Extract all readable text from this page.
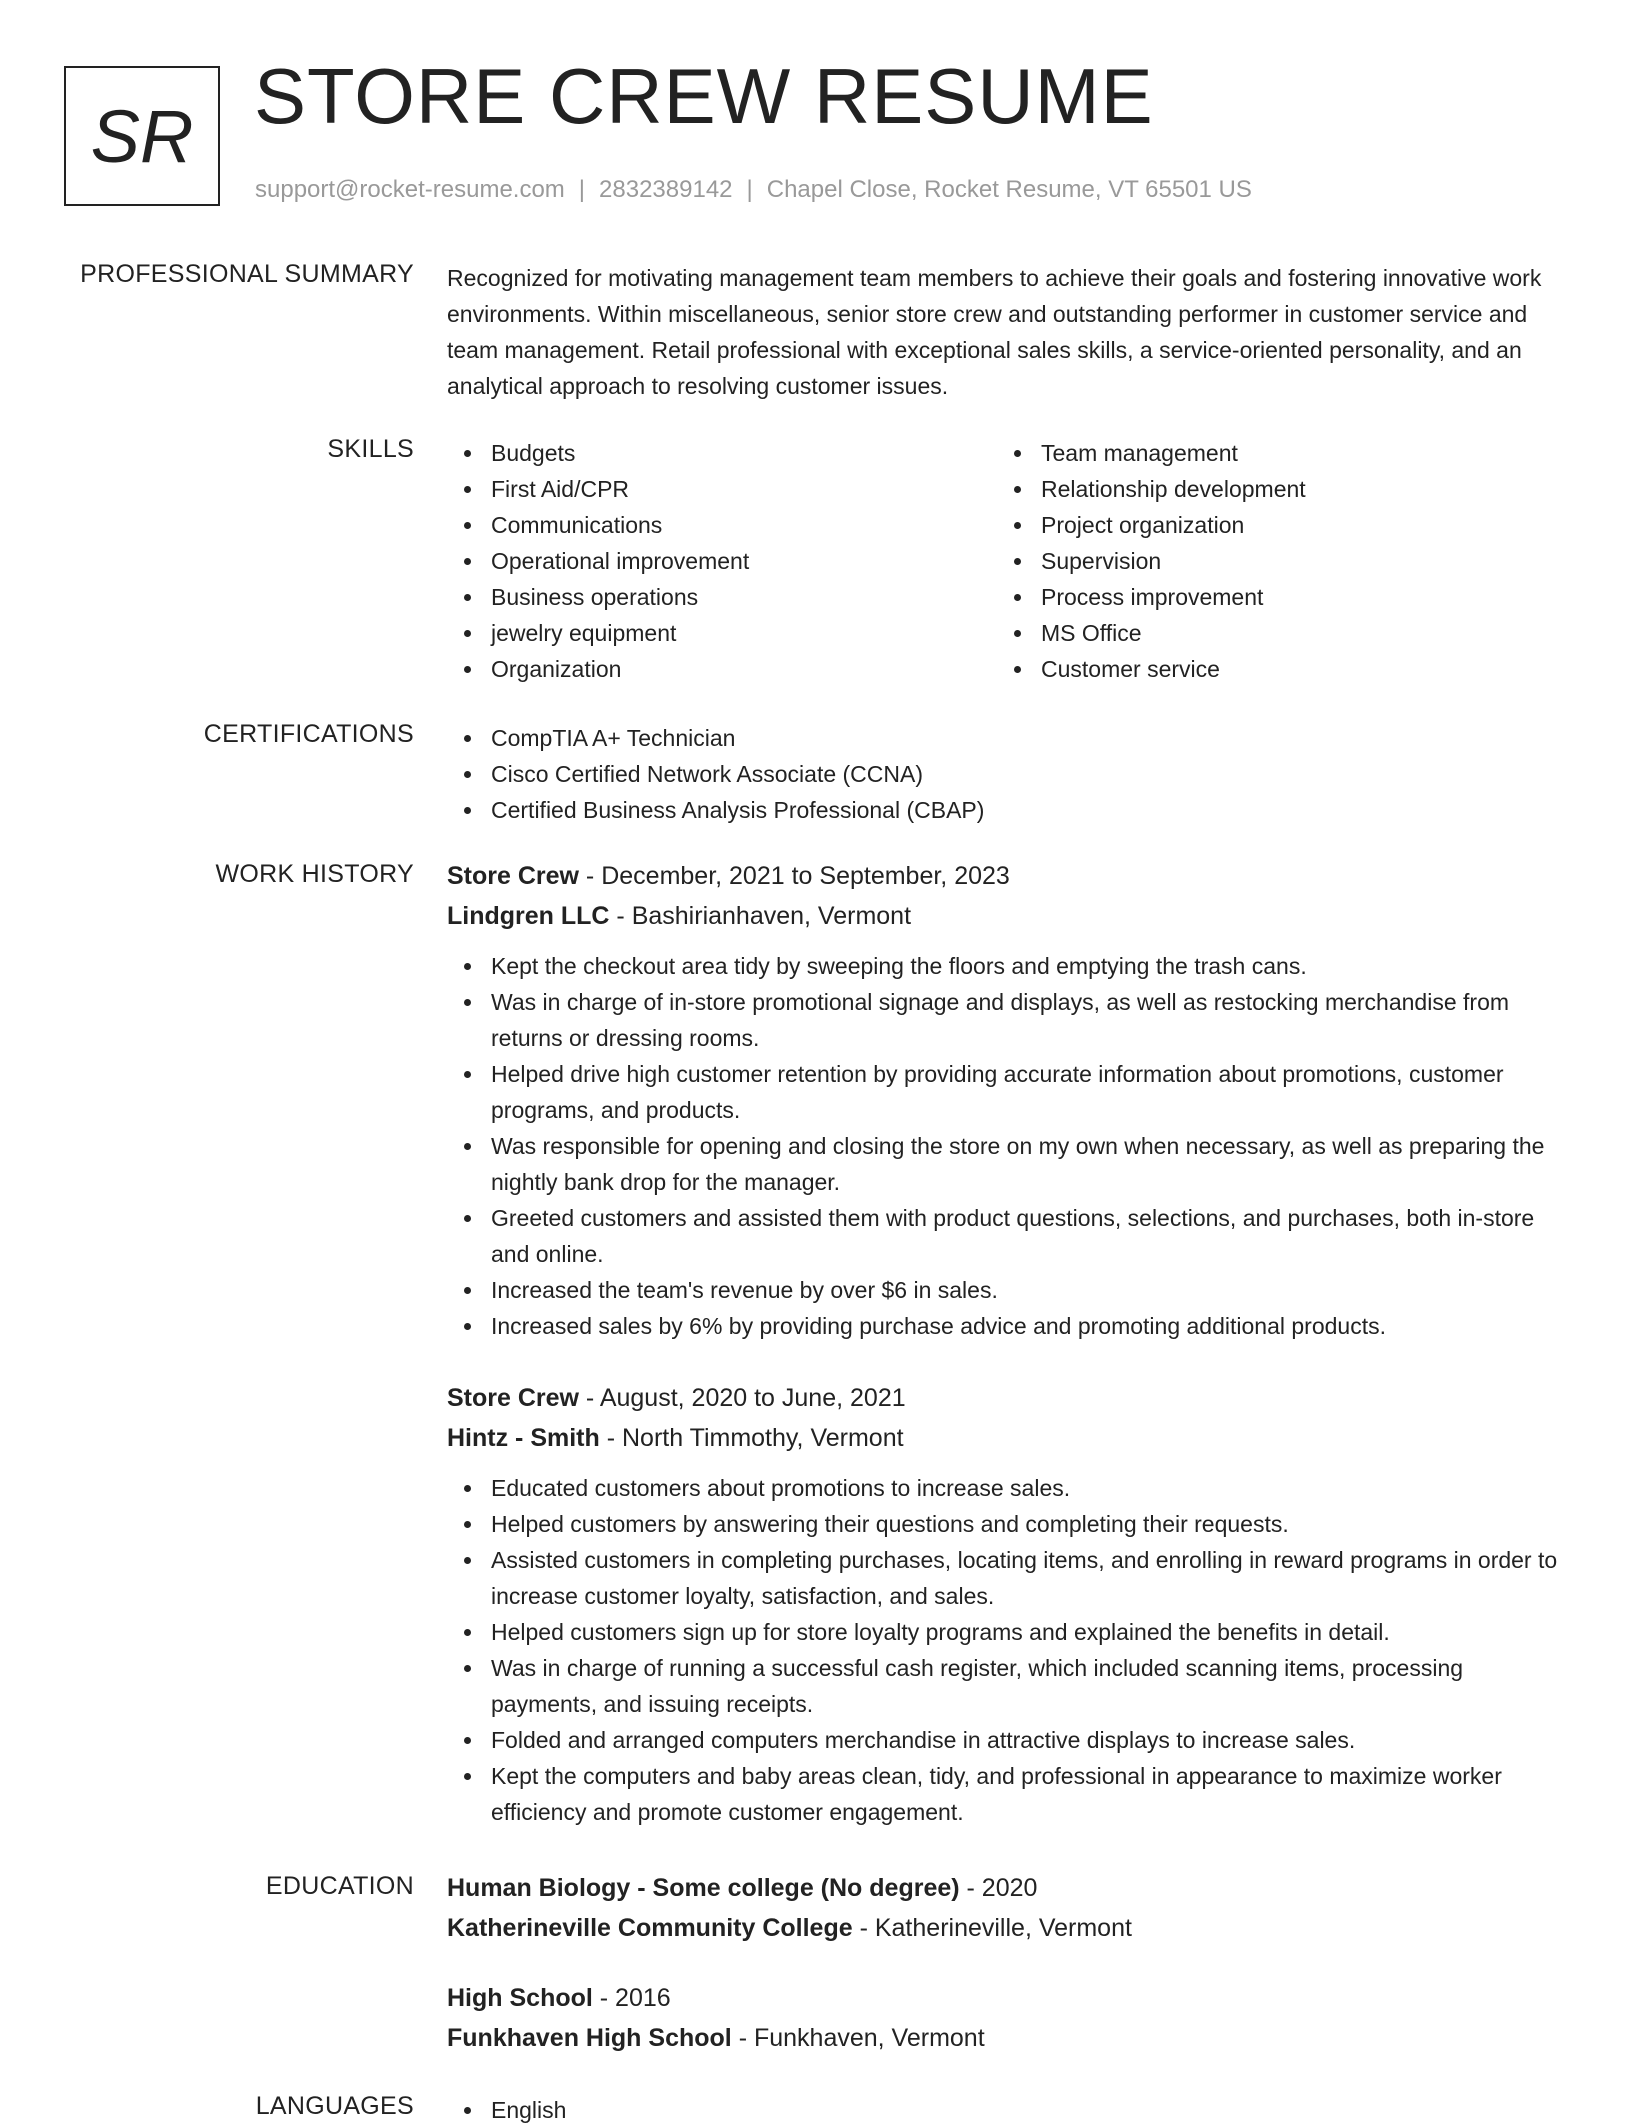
SR STORE CREW RESUME
support@rocket-resume.com | 2832389142 | Chapel Close, Rocket Resume, VT 65501 US
PROFESSIONAL SUMMARY Recognized for motivating management team members to achieve their goals and fostering innovative work environments. Within miscellaneous, senior store crew and outstanding performer in customer service and team management. Retail professional with exceptional sales skills, a service-oriented personality, and an analytical approach to resolving customer issues.

SKILLS	Budgets
First Aid/CPR
Communications
Operational improvement
Business operations
jewelry equipment
Organization
Team management
Relationship development
Project organization
Supervision
Process improvement
MS Office
Customer service
CERTIFICATIONS	CompTIA A+ Technician
Cisco Certified Network Associate (CCNA)
Certified Business Analysis Professional (CBAP)
WORK HISTORY Store Crew - December, 2021 to September, 2023
Lindgren LLC - Bashirianhaven, Vermont
Kept the checkout area tidy by sweeping the floors and emptying the trash cans.
Was in charge of in-store promotional signage and displays, as well as restocking merchandise from returns or dressing rooms.
Helped drive high customer retention by providing accurate information about promotions, customer programs, and products.
Was responsible for opening and closing the store on my own when necessary, as well as preparing the nightly bank drop for the manager.
Greeted customers and assisted them with product questions, selections, and purchases, both in-store and online.
Increased the team's revenue by over $6 in sales.
Increased sales by 6% by providing purchase advice and promoting additional products.
Store Crew - August, 2020 to June, 2021
Hintz - Smith - North Timmothy, Vermont
Educated customers about promotions to increase sales.
Helped customers by answering their questions and completing their requests.
Assisted customers in completing purchases, locating items, and enrolling in reward programs in order to increase customer loyalty, satisfaction, and sales.
Helped customers sign up for store loyalty programs and explained the benefits in detail.
Was in charge of running a successful cash register, which included scanning items, processing payments, and issuing receipts.
Folded and arranged computers merchandise in attractive displays to increase sales.
Kept the computers and baby areas clean, tidy, and professional in appearance to maximize worker efficiency and promote customer engagement.
EDUCATION Human Biology - Some college (No degree) - 2020
Katherineville Community College - Katherineville, Vermont
High School - 2016
Funkhaven High School - Funkhaven, Vermont
LANGUAGES	English
